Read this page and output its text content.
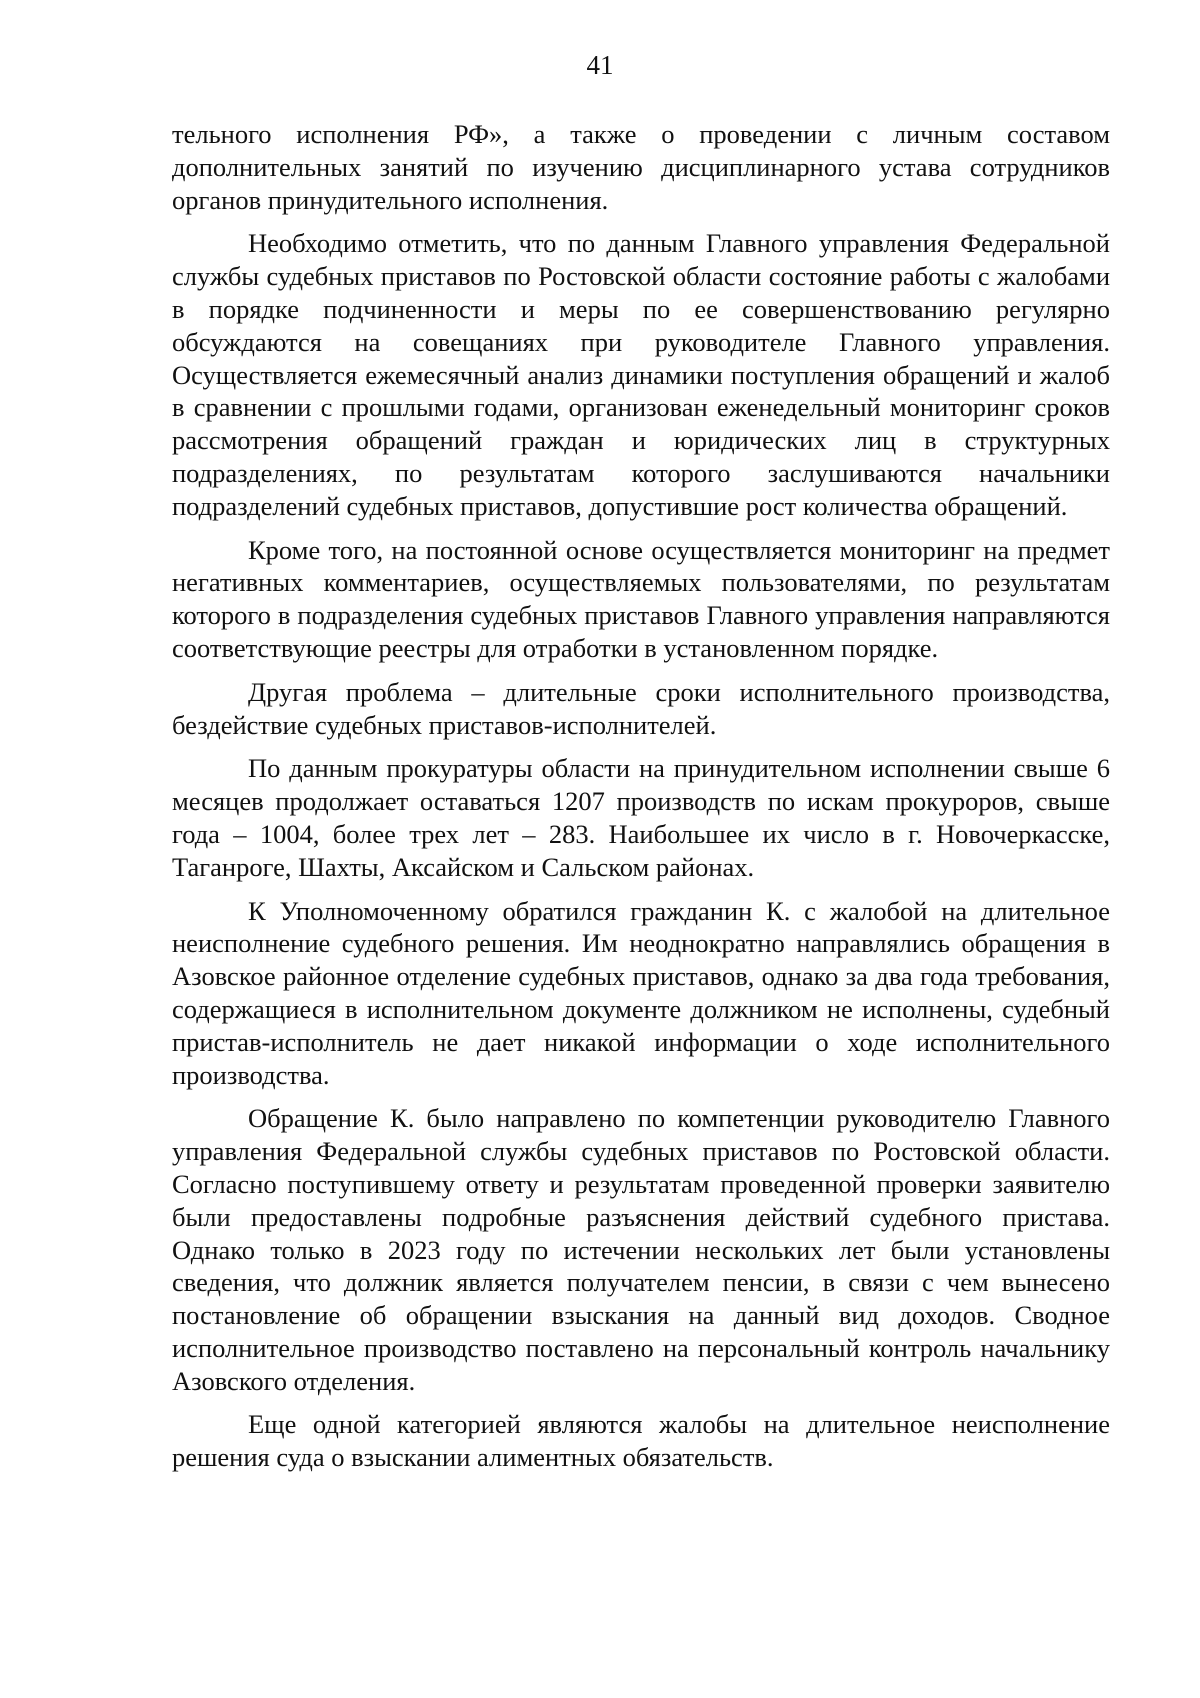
41

тельного исполнения РФ», а также о проведении с личным составом дополнительных занятий по изучению дисциплинарного устава сотрудников органов принудительного исполнения.

Необходимо отметить, что по данным Главного управления Федеральной службы судебных приставов по Ростовской области состояние работы с жалобами в порядке подчиненности и меры по ее совершенствованию регулярно обсуждаются на совещаниях при руководителе Главного управления. Осуществляется ежемесячный анализ динамики поступления обращений и жалоб в сравнении с прошлыми годами, организован еженедельный мониторинг сроков рассмотрения обращений граждан и юридических лиц в структурных подразделениях, по результатам которого заслушиваются начальники подразделений судебных приставов, допустившие рост количества обращений.

Кроме того, на постоянной основе осуществляется мониторинг на предмет негативных комментариев, осуществляемых пользователями, по результатам которого в подразделения судебных приставов Главного управления направляются соответствующие реестры для отработки в установленном порядке.

Другая проблема – длительные сроки исполнительного производства, бездействие судебных приставов-исполнителей.

По данным прокуратуры области на принудительном исполнении свыше 6 месяцев продолжает оставаться 1207 производств по искам прокуроров, свыше года – 1004, более трех лет – 283. Наибольшее их число в г. Новочеркасске, Таганроге, Шахты, Аксайском и Сальском районах.

К Уполномоченному обратился гражданин К. с жалобой на длительное неисполнение судебного решения. Им неоднократно направлялись обращения в Азовское районное отделение судебных приставов, однако за два года требования, содержащиеся в исполнительном документе должником не исполнены, судебный пристав-исполнитель не дает никакой информации о ходе исполнительного производства.

Обращение К. было направлено по компетенции руководителю Главного управления Федеральной службы судебных приставов по Ростовской области. Согласно поступившему ответу и результатам проведенной проверки заявителю были предоставлены подробные разъяснения действий судебного пристава. Однако только в 2023 году по истечении нескольких лет были установлены сведения, что должник является получателем пенсии, в связи с чем вынесено постановление об обращении взыскания на данный вид доходов. Сводное исполнительное производство поставлено на персональный контроль начальнику Азовского отделения.

Еще одной категорией являются жалобы на длительное неисполнение решения суда о взыскании алиментных обязательств.
